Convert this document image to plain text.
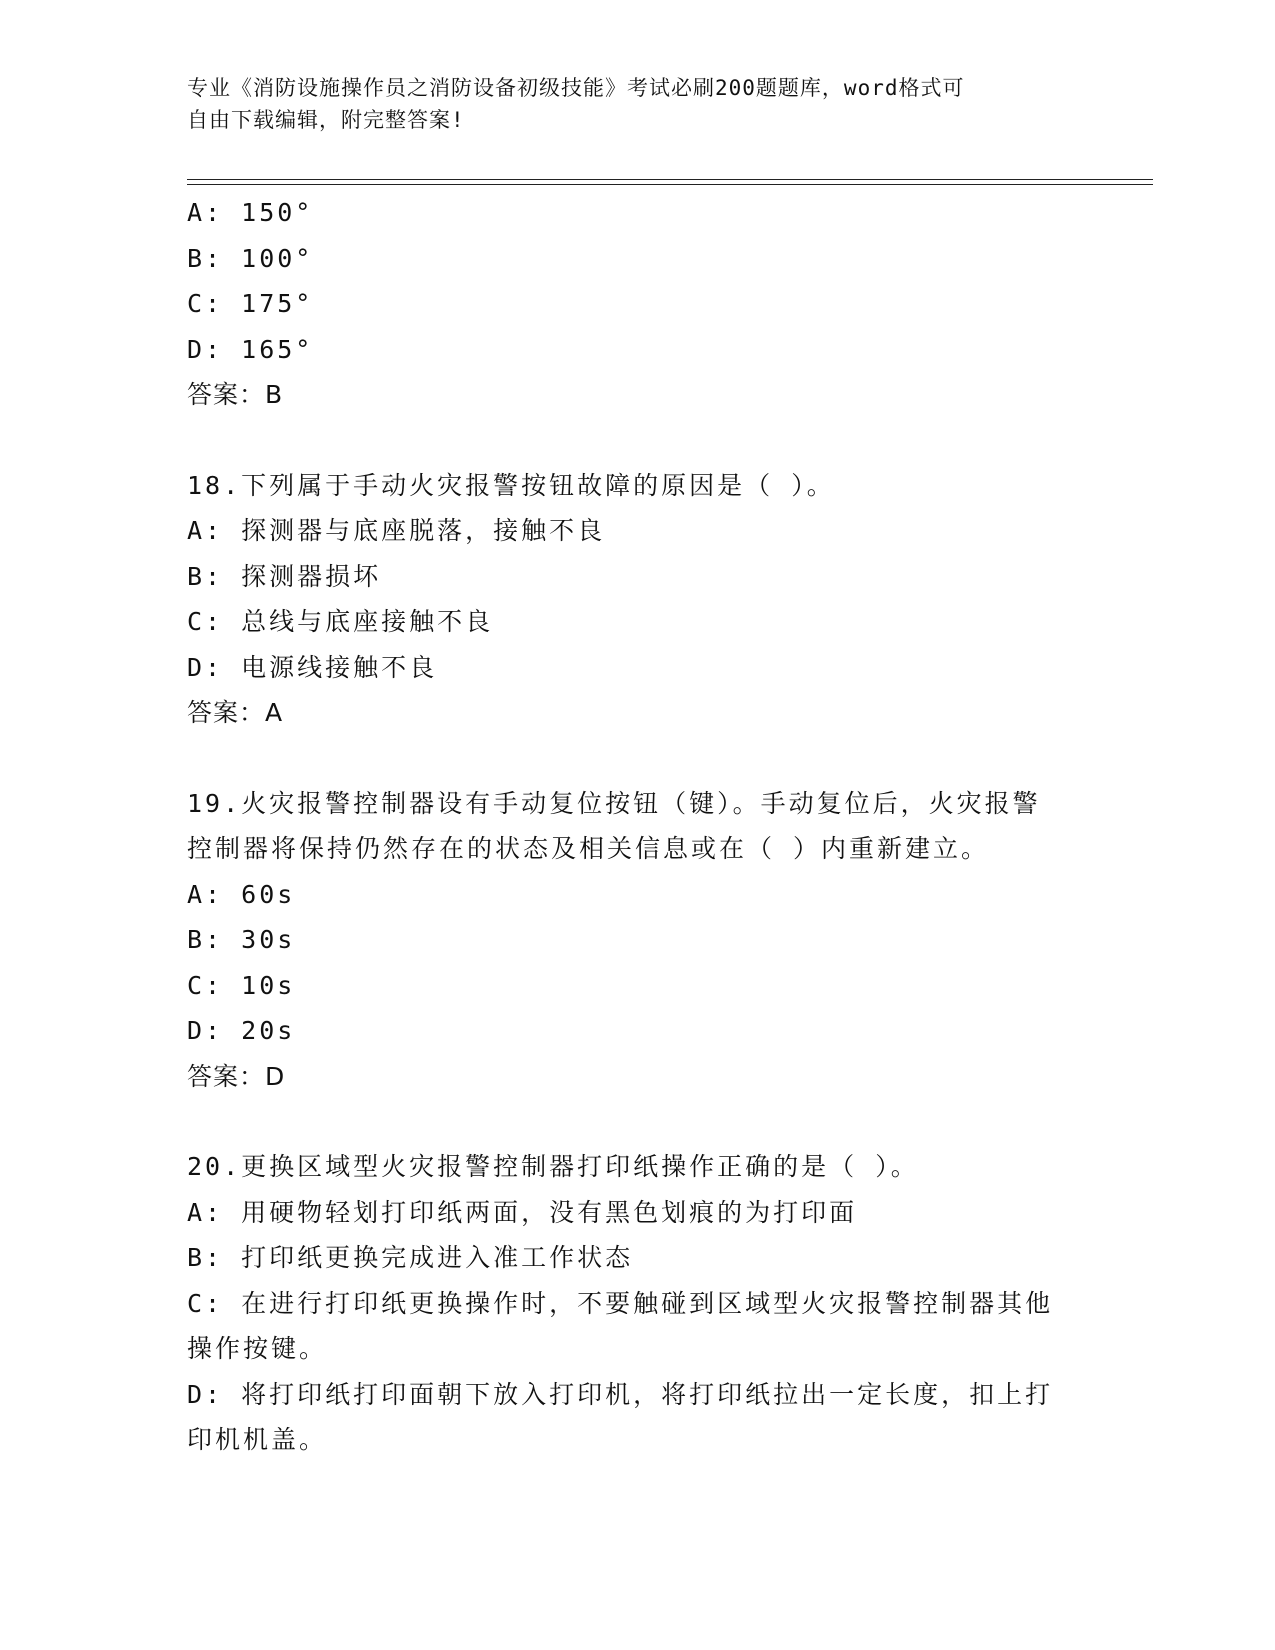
专业《消防设施操作员之消防设备初级技能》考试必刷200题题库，word格式可
自由下载编辑，附完整答案!
A: 150°
B: 100°
C: 175°
D: 165°
答案：B
18.下列属于手动火灾报警按钮故障的原因是（ ）。
A: 探测器与底座脱落，接触不良
B: 探测器损坏
C: 总线与底座接触不良
D: 电源线接触不良
答案：A
19.火灾报警控制器设有手动复位按钮（键）。手动复位后，火灾报警
控制器将保持仍然存在的状态及相关信息或在（ ）内重新建立。
A: 60s
B: 30s
C: 10s
D: 20s
答案：D
20.更换区域型火灾报警控制器打印纸操作正确的是（ ）。
A: 用硬物轻划打印纸两面，没有黑色划痕的为打印面
B: 打印纸更换完成进入准工作状态
C: 在进行打印纸更换操作时，不要触碰到区域型火灾报警控制器其他
操作按键。
D: 将打印纸打印面朝下放入打印机，将打印纸拉出一定长度，扣上打
印机机盖。
